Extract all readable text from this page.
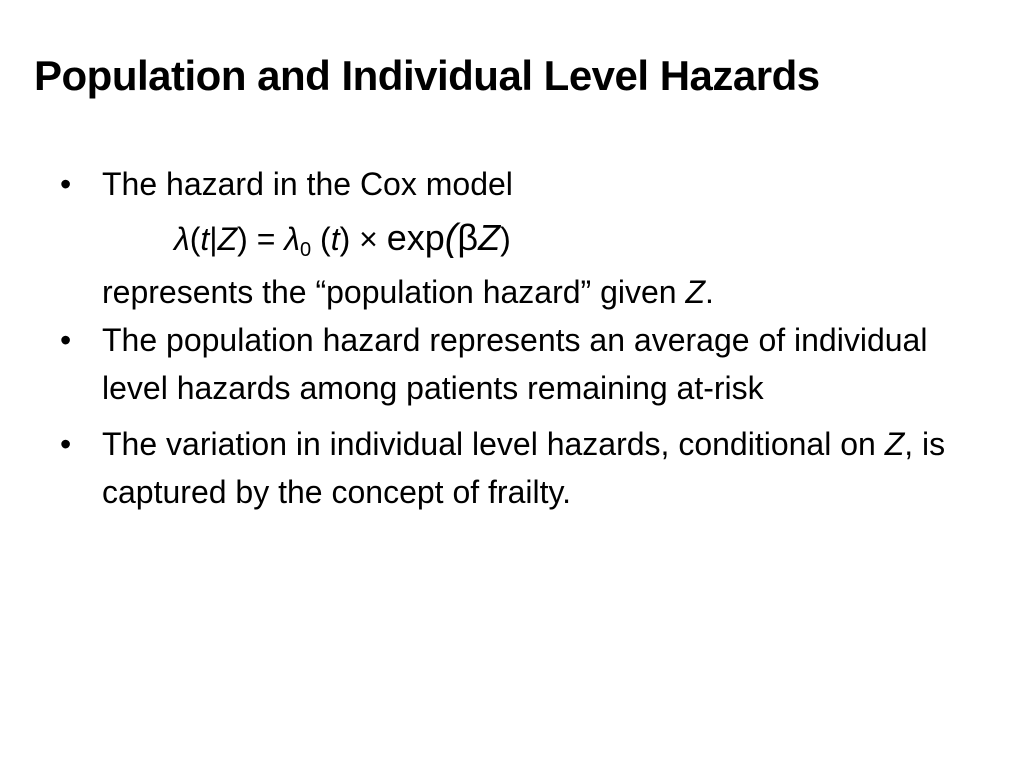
Population and Individual Level Hazards
• The hazard in the Cox model
$\lambda(t|Z) = \lambda_0$ (t) × exp(βZ)
represents the “population hazard” given Z.
• The population hazard represents an average of individual level hazards among patients remaining at-risk
• The variation in individual level hazards, conditional on Z, is captured by the concept of frailty.
